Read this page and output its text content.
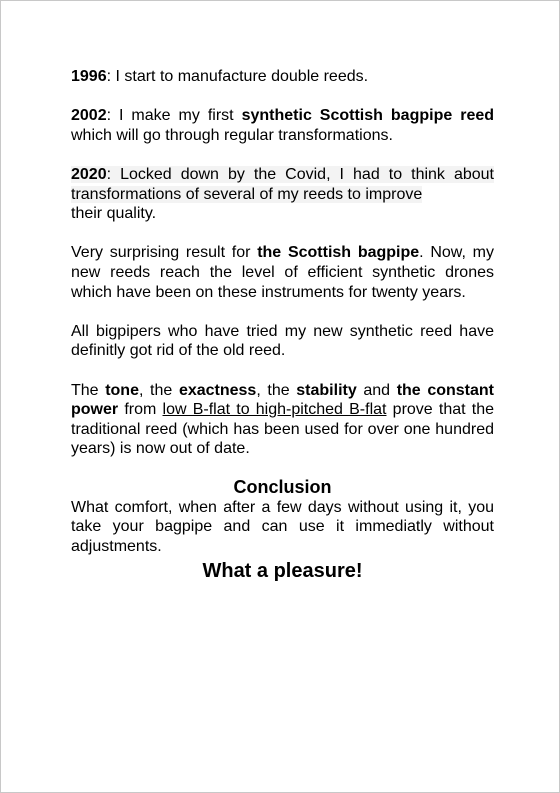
1996: I start to manufacture double reeds.

2002: I make my first synthetic Scottish bagpipe reed which will go through regular transformations.

2020: Locked down by the Covid, I had to think about transformations of several of my reeds to improve
their quality.

Very surprising result for the Scottish bagpipe. Now, my new reeds reach the level of efficient synthetic drones which have been on these instruments for twenty years.

All bigpipers who have tried my new synthetic reed have definitly got rid of the old reed.

The tone, the exactness, the stability and the constant power from low B-flat to high-pitched B-flat prove that the traditional reed (which has been used for over one hundred years) is now out of date.

Conclusion

What comfort, when after a few days without using it, you take your bagpipe and can use it immediatly without adjustments.

What a pleasure!
